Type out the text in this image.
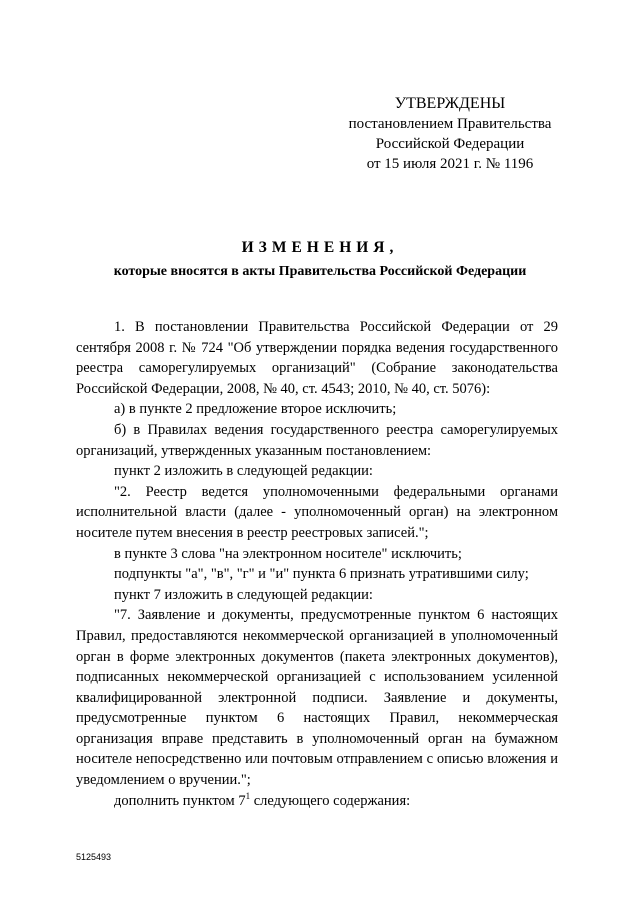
УТВЕРЖДЕНЫ
постановлением Правительства
Российской Федерации
от 15 июля 2021 г. № 1196
ИЗМЕНЕНИЯ,
которые вносятся в акты Правительства Российской Федерации

1. В постановлении Правительства Российской Федерации от 29 сентября 2008 г. № 724 "Об утверждении порядка ведения государственного реестра саморегулируемых организаций" (Собрание законодательства Российской Федерации, 2008, № 40, ст. 4543; 2010, № 40, ст. 5076):

а) в пункте 2 предложение второе исключить;

б) в Правилах ведения государственного реестра саморегулируемых организаций, утвержденных указанным постановлением:

пункт 2 изложить в следующей редакции:

"2. Реестр ведется уполномоченными федеральными органами исполнительной власти (далее - уполномоченный орган) на электронном носителе путем внесения в реестр реестровых записей.";

в пункте 3 слова "на электронном носителе" исключить;

подпункты "а", "в", "г" и "и" пункта 6 признать утратившими силу;

пункт 7 изложить в следующей редакции:

"7. Заявление и документы, предусмотренные пунктом 6 настоящих Правил, предоставляются некоммерческой организацией в уполномоченный орган в форме электронных документов (пакета электронных документов), подписанных некоммерческой организацией с использованием усиленной квалифицированной электронной подписи. Заявление и документы, предусмотренные пунктом 6 настоящих Правил, некоммерческая организация вправе представить в уполномоченный орган на бумажном носителе непосредственно или почтовым отправлением с описью вложения и уведомлением о вручении.";

дополнить пунктом $7^1$ следующего содержания:

5125493
